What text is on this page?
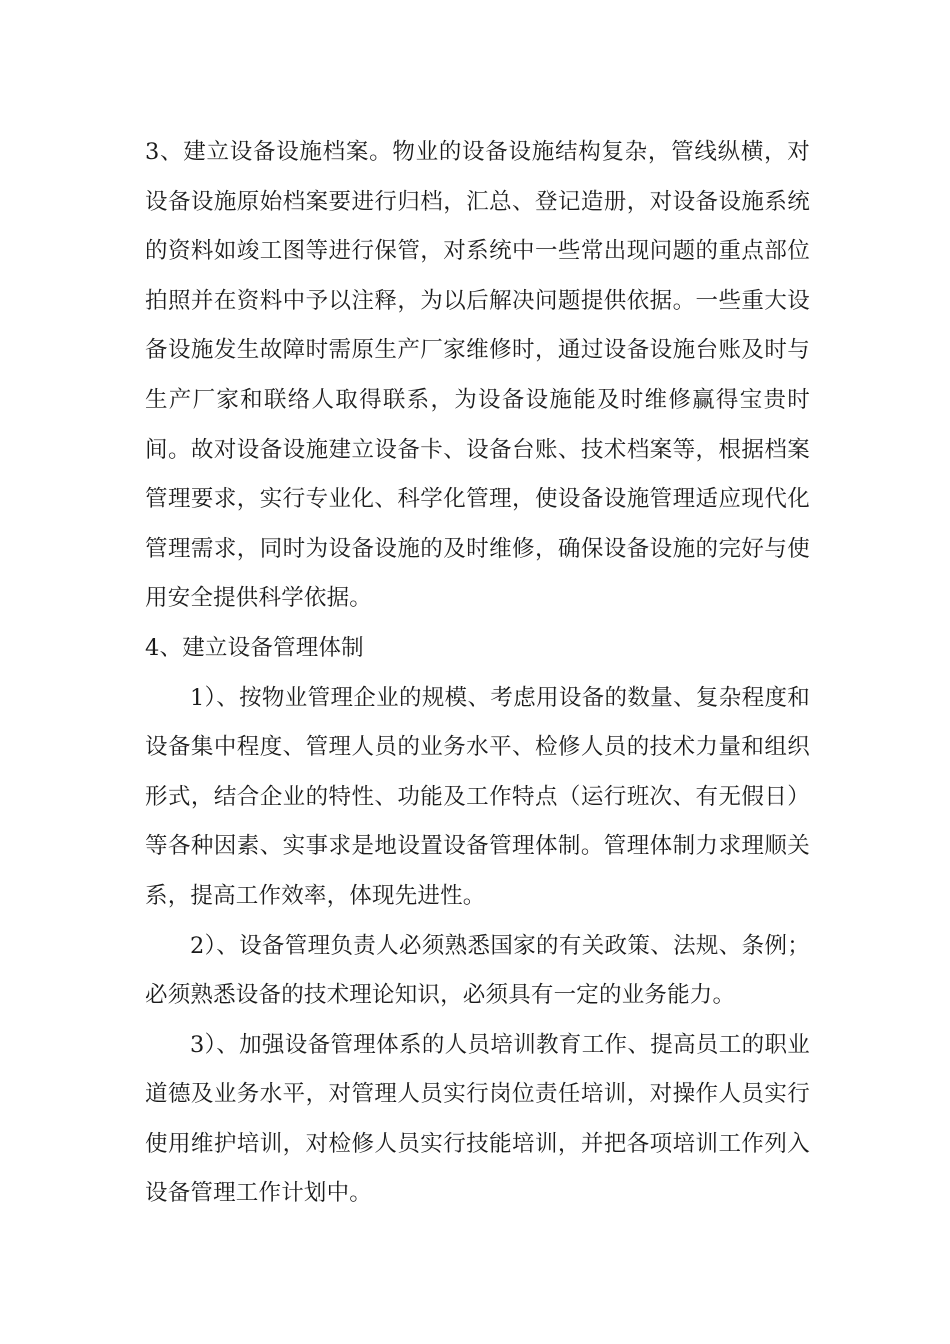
3、建立设备设施档案。物业的设备设施结构复杂，管线纵横，对设备设施原始档案要进行归档，汇总、登记造册，对设备设施系统的资料如竣工图等进行保管，对系统中一些常出现问题的重点部位拍照并在资料中予以注释，为以后解决问题提供依据。一些重大设备设施发生故障时需原生产厂家维修时，通过设备设施台账及时与生产厂家和联络人取得联系，为设备设施能及时维修赢得宝贵时间。故对设备设施建立设备卡、设备台账、技术档案等，根据档案管理要求，实行专业化、科学化管理，使设备设施管理适应现代化管理需求，同时为设备设施的及时维修，确保设备设施的完好与使用安全提供科学依据。

4、建立设备管理体制

1）、按物业管理企业的规模、考虑用设备的数量、复杂程度和设备集中程度、管理人员的业务水平、检修人员的技术力量和组织形式，结合企业的特性、功能及工作特点（运行班次、有无假日）等各种因素、实事求是地设置设备管理体制。管理体制力求理顺关系，提高工作效率，体现先进性。

2）、设备管理负责人必须熟悉国家的有关政策、法规、条例；必须熟悉设备的技术理论知识，必须具有一定的业务能力。

3）、加强设备管理体系的人员培训教育工作、提高员工的职业道德及业务水平，对管理人员实行岗位责任培训，对操作人员实行使用维护培训，对检修人员实行技能培训，并把各项培训工作列入设备管理工作计划中。
